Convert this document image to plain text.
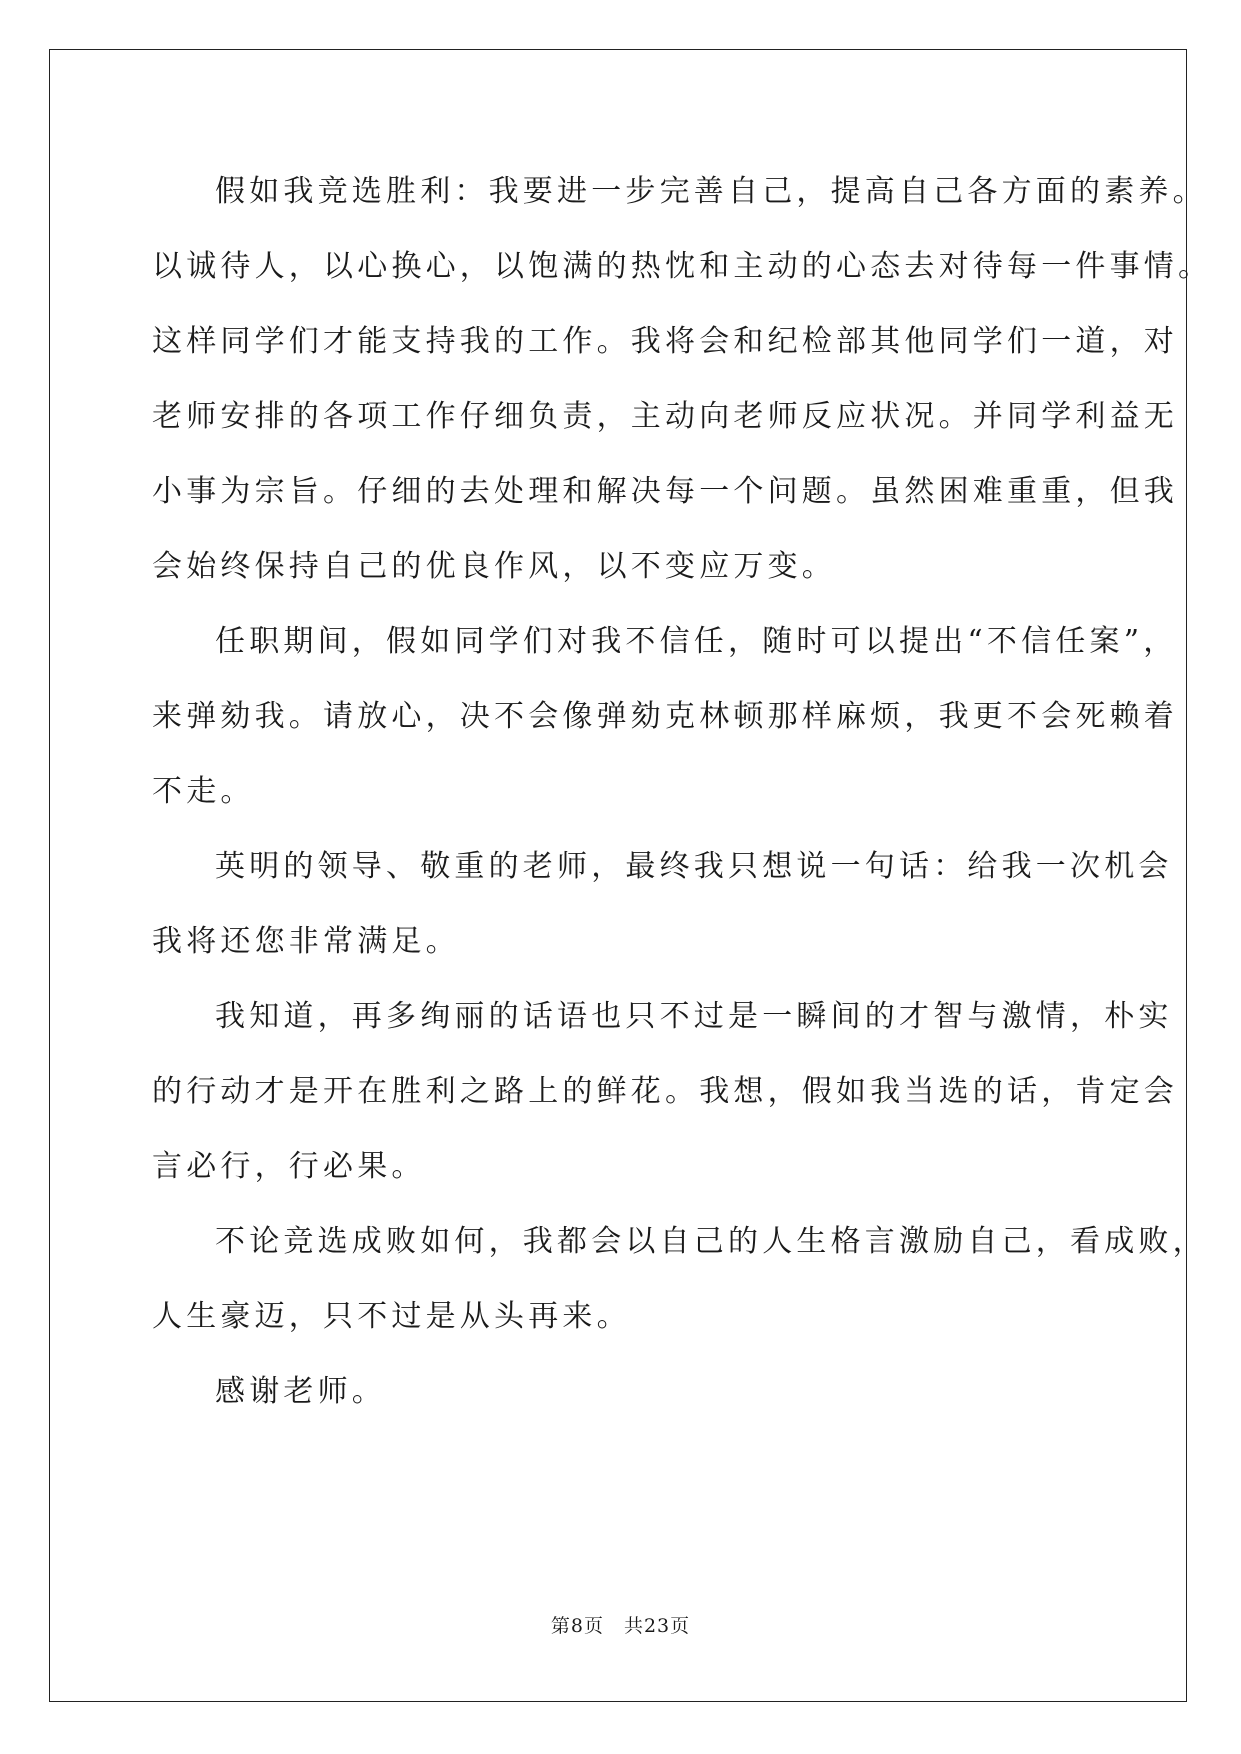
假如我竞选胜利：我要进一步完善自己，提高自己各方面的素养。
以诚待人，以心换心，以饱满的热忱和主动的心态去对待每一件事情。
这样同学们才能支持我的工作。我将会和纪检部其他同学们一道，对
老师安排的各项工作仔细负责，主动向老师反应状况。并同学利益无
小事为宗旨。仔细的去处理和解决每一个问题。虽然困难重重，但我
会始终保持自己的优良作风，以不变应万变。
任职期间，假如同学们对我不信任，随时可以提出“不信任案”，
来弹劾我。请放心，决不会像弹劾克林顿那样麻烦，我更不会死赖着
不走。
英明的领导、敬重的老师，最终我只想说一句话：给我一次机会
我将还您非常满足。
我知道，再多绚丽的话语也只不过是一瞬间的才智与激情，朴实
的行动才是开在胜利之路上的鲜花。我想，假如我当选的话，肯定会
言必行，行必果。
不论竞选成败如何，我都会以自己的人生格言激励自己，看成败，
人生豪迈，只不过是从头再来。
感谢老师。
第8页 共23页
